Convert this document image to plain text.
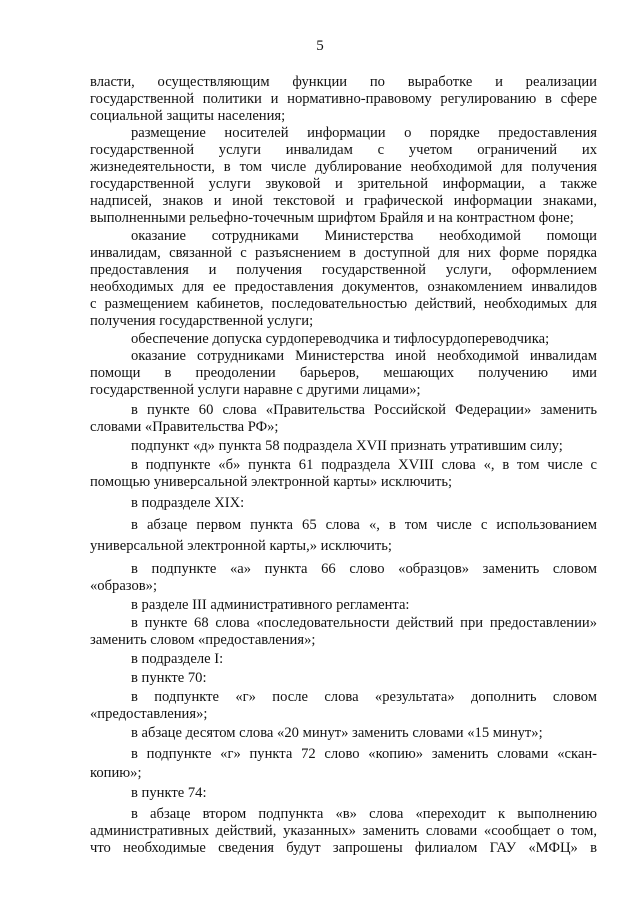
5
власти, осуществляющим функции по выработке и реализации
государственной политики и нормативно-правовому регулированию в сфере
социальной защиты населения;
размещение носителей информации о порядке предоставления
государственной услуги инвалидам с учетом ограничений их
жизнедеятельности, в том числе дублирование необходимой для получения
государственной услуги звуковой и зрительной информации, а также
надписей, знаков и иной текстовой и графической информации знаками,
выполненными рельефно-точечным шрифтом Брайля и на контрастном фоне;
оказание сотрудниками Министерства необходимой помощи
инвалидам, связанной с разъяснением в доступной для них форме порядка
предоставления и получения государственной услуги, оформлением
необходимых для ее предоставления документов, ознакомлением инвалидов
с размещением кабинетов, последовательностью действий, необходимых для
получения государственной услуги;
обеспечение допуска сурдопереводчика и тифлосурдопереводчика;
оказание сотрудниками Министерства иной необходимой инвалидам
помощи в преодолении барьеров, мешающих получению ими
государственной услуги наравне с другими лицами»;
в пункте 60 слова «Правительства Российской Федерации» заменить
словами «Правительства РФ»;
подпункт «д» пункта 58 подраздела XVII признать утратившим силу;
в подпункте «б» пункта 61 подраздела XVIII слова «, в том числе с
помощью универсальной электронной карты» исключить;
в подразделе XIX:
в абзаце первом пункта 65 слова «, в том числе с использованием
универсальной электронной карты,» исключить;
в подпункте «а» пункта 66 слово «образцов» заменить словом
«образов»;
в разделе III административного регламента:
в пункте 68 слова «последовательности действий при предоставлении»
заменить словом «предоставления»;
в подразделе I:
в пункте 70:
в подпункте «г» после слова «результата» дополнить словом
«предоставления»;
в абзаце десятом слова «20 минут» заменить словами «15 минут»;
в подпункте «г» пункта 72 слово «копию» заменить словами «скан-
копию»;
в пункте 74:
в абзаце втором подпункта «в» слова «переходит к выполнению
административных действий, указанных» заменить словами «сообщает о том,
что необходимые сведения будут запрошены филиалом ГАУ «МФЦ» в
